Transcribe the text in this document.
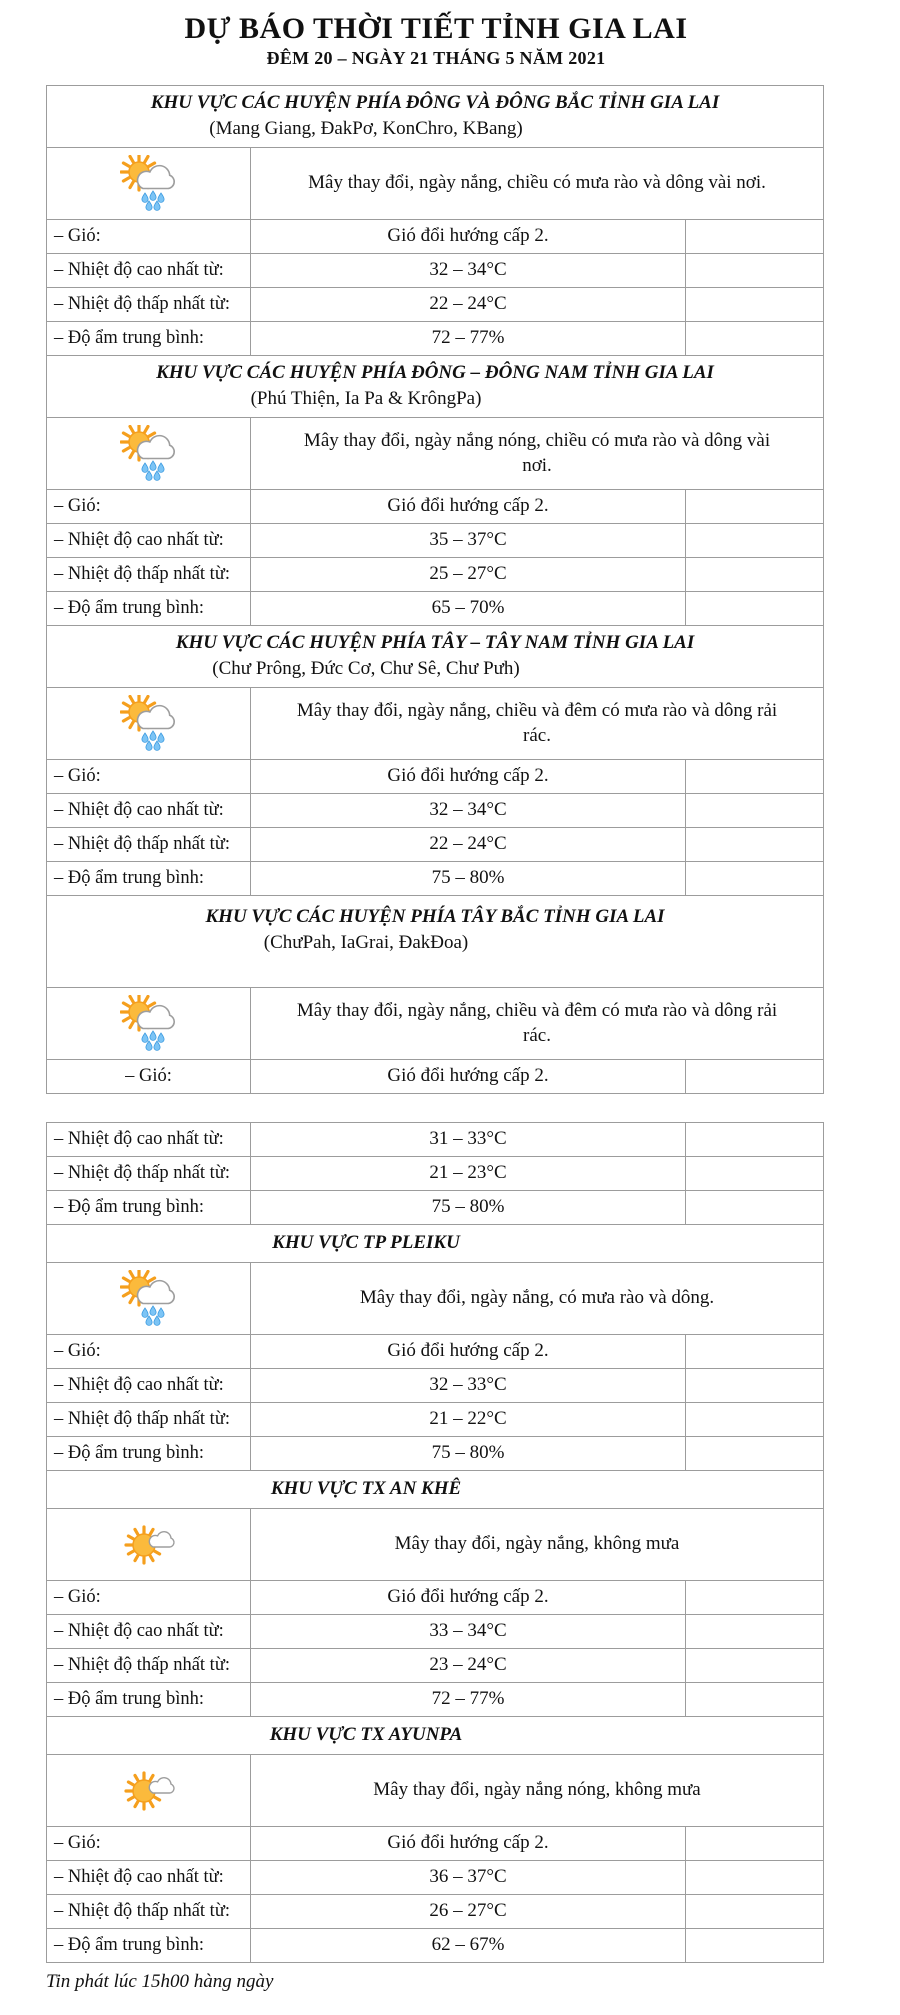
DỰ BÁO THỜI TIẾT TỈNH GIA LAI
ĐÊM 20 – NGÀY 21 THÁNG 5 NĂM 2021
KHU VỰC CÁC HUYỆN PHÍA ĐÔNG VÀ ĐÔNG BẮC TỈNH GIA LAI
(Mang Giang, ĐakPơ, KonChro, KBang)		

	Mây thay đổi, ngày nắng, chiều có mưa rào và dông vài nơi.	
– Gió:	Gió đổi hướng cấp 2.	
– Nhiệt độ cao nhất từ:	32 – 34°C	
– Nhiệt độ thấp nhất từ:	22 – 24°C	
– Độ ẩm trung bình:	72 – 77%	

KHU VỰC CÁC HUYỆN PHÍA ĐÔNG – ĐÔNG NAM TỈNH GIA LAI
(Phú Thiện, Ia Pa & KrôngPa)		

	Mây thay đổi, ngày nắng nóng, chiều có mưa rào và dông vài nơi.	
– Gió:	Gió đổi hướng cấp 2.	
– Nhiệt độ cao nhất từ:	35 – 37°C	
– Nhiệt độ thấp nhất từ:	25 – 27°C	
– Độ ẩm trung bình:	65 – 70%	

KHU VỰC CÁC HUYỆN PHÍA TÂY – TÂY NAM TỈNH GIA LAI
(Chư Prông, Đức Cơ, Chư Sê, Chư Pưh)		

	Mây thay đổi, ngày nắng, chiều và đêm có mưa rào và dông rải rác.	
– Gió:	Gió đổi hướng cấp 2.	
– Nhiệt độ cao nhất từ:	32 – 34°C	
– Nhiệt độ thấp nhất từ:	22 – 24°C	
– Độ ẩm trung bình:	75 – 80%	

KHU VỰC CÁC HUYỆN PHÍA TÂY BẮC TỈNH GIA LAI
(ChưPah, IaGrai, ĐakĐoa)		

	Mây thay đổi, ngày nắng, chiều và đêm có mưa rào và dông rải rác.	
– Gió:	Gió đổi hướng cấp 2.	
– Nhiệt độ cao nhất từ:	31 – 33°C	
– Nhiệt độ thấp nhất từ:	21 – 23°C	
– Độ ẩm trung bình:	75 – 80%	

KHU VỰC TP PLEIKU		

	Mây thay đổi, ngày nắng, có mưa rào và dông.	
– Gió:	Gió đổi hướng cấp 2.	
– Nhiệt độ cao nhất từ:	32 – 33°C	
– Nhiệt độ thấp nhất từ:	21 – 22°C	
– Độ ẩm trung bình:	75 – 80%	

KHU VỰC TX AN KHÊ		

	Mây thay đổi, ngày nắng, không mưa	
– Gió:	Gió đổi hướng cấp 2.	
– Nhiệt độ cao nhất từ:	33 – 34°C	
– Nhiệt độ thấp nhất từ:	23 – 24°C	
– Độ ẩm trung bình:	72 – 77%	

KHU VỰC TX AYUNPA		

	Mây thay đổi, ngày nắng nóng, không mưa	
– Gió:	Gió đổi hướng cấp 2.	
– Nhiệt độ cao nhất từ:	36 – 37°C	
– Nhiệt độ thấp nhất từ:	26 – 27°C	
– Độ ẩm trung bình:	62 – 67%	
Tin phát lúc 15h00 hàng ngày
